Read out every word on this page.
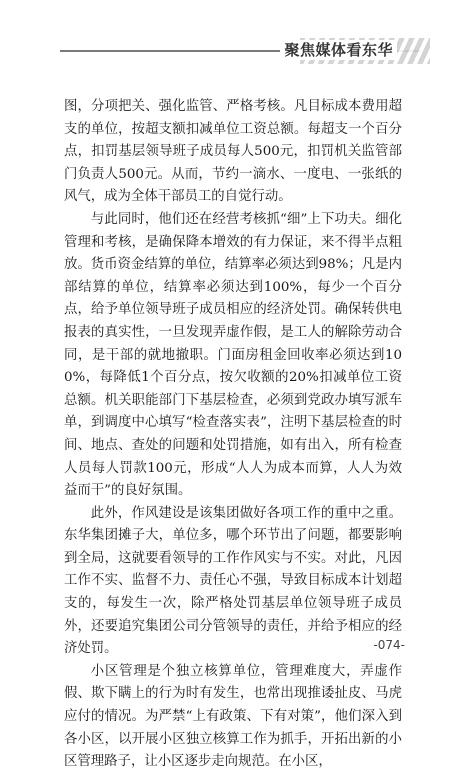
聚焦媒体看东华

图，分项把关、强化监管、严格考核。凡目标成本费用超支的单位，按超支额扣减单位工资总额。每超支一个百分点，扣罚基层领导班子成员每人500元，扣罚机关监管部门负责人500元。从而，节约一滴水、一度电、一张纸的风气，成为全体干部员工的自觉行动。

与此同时，他们还在经营考核抓“细”上下功夫。细化管理和考核，是确保降本增效的有力保证，来不得半点粗放。货币资金结算的单位，结算率必须达到98%；凡是内部结算的单位，结算率必须达到100%，每少一个百分点，给予单位领导班子成员相应的经济处罚。确保转供电报表的真实性，一旦发现弄虚作假，是工人的解除劳动合同，是干部的就地撤职。门面房租金回收率必须达到100%，每降低1个百分点，按欠收额的20%扣减单位工资总额。机关职能部门下基层检查，必须到党政办填写派车单，到调度中心填写“检查落实表”，注明下基层检查的时间、地点、查处的问题和处罚措施，如有出入，所有检查人员每人罚款100元，形成“人人为成本而算，人人为效益而干”的良好氛围。

此外，作风建设是该集团做好各项工作的重中之重。东华集团摊子大，单位多，哪个环节出了问题，都要影响到全局，这就要看领导的工作作风实与不实。对此，凡因工作不实、监督不力、责任心不强，导致目标成本计划超支的，每发生一次，除严格处罚基层单位领导班子成员外，还要追究集团公司分管领导的责任，并给予相应的经济处罚。

小区管理是个独立核算单位，管理难度大，弄虚作假、欺下瞒上的行为时有发生，也常出现推诿扯皮、马虎应付的情况。为严禁“上有政策、下有对策”，他们深入到各小区，以开展小区独立核算工作为抓手，开拓出新的小区管理路子，让小区逐步走向规范。在小区，

-074-
